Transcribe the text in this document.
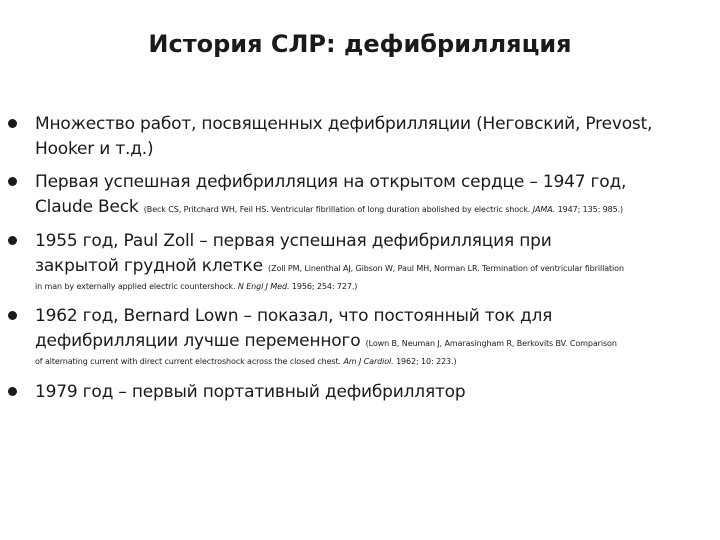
История СЛР: дефибрилляция
Множество работ, посвященных дефибрилляции (Неговский, Prevost, Hooker и т.д.)
Первая успешная дефибрилляция на открытом сердце – 1947 год,
Claude Beck (Beck CS, Pritchard WH, Feil HS. Ventricular fibrillation of long duration abolished by electric shock. JAMA. 1947; 135: 985.)
1955 год, Paul Zoll – первая успешная дефибрилляция при
закрытой грудной клетке (Zoll PM, Linenthal AJ, Gibson W, Paul MH, Norman LR. Termination of ventricular fibrillation
in man by externally applied electric countershock. N Engl J Med. 1956; 254: 727.)
1962 год, Bernard Lown – показал, что постоянный ток для
дефибрилляции лучше переменного (Lown B, Neuman J, Amarasingham R, Berkovits BV. Comparison
of alternating current with direct current electroshock across the closed chest. Am J Cardiol. 1962; 10: 223.)
1979 год – первый портативный дефибриллятор
